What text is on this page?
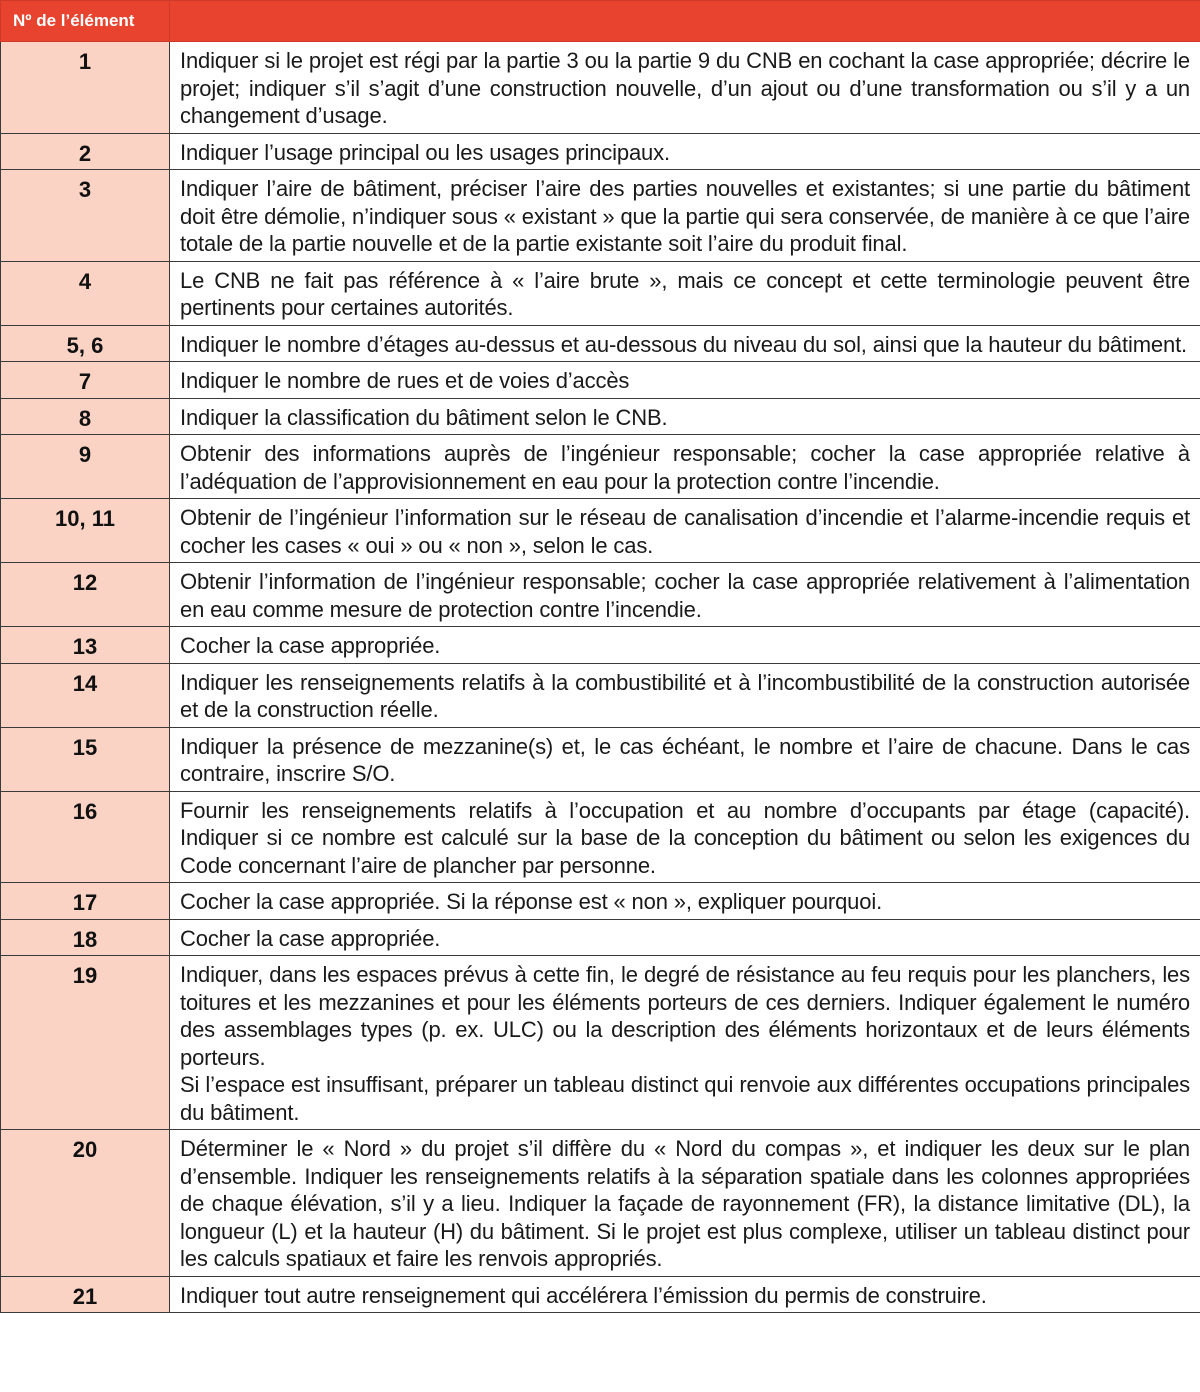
Nº de l’élément	
1	Indiquer si le projet est régi par la partie 3 ou la partie 9 du CNB en cochant la case appropriée; décrire le projet; indiquer s’il s’agit d’une construction nouvelle, d’un ajout ou d’une transformation ou s’il y a un changement d’usage.
2	Indiquer l’usage principal ou les usages principaux.
3	Indiquer l’aire de bâtiment, préciser l’aire des parties nouvelles et existantes; si une partie du bâtiment doit être démolie, n’indiquer sous « existant » que la partie qui sera conservée, de manière à ce que l’aire totale de la partie nouvelle et de la partie existante soit l’aire du produit final.
4	Le CNB ne fait pas référence à « l’aire brute », mais ce concept et cette terminologie peuvent être pertinents pour certaines autorités.
5, 6	Indiquer le nombre d’étages au-dessus et au-dessous du niveau du sol, ainsi que la hauteur du bâtiment.
7	Indiquer le nombre de rues et de voies d’accès
8	Indiquer la classification du bâtiment selon le CNB.
9	Obtenir des informations auprès de l’ingénieur responsable; cocher la case appropriée relative à l’adéquation de l’approvisionnement en eau pour la protection contre l’incendie.
10, 11	Obtenir de l’ingénieur l’information sur le réseau de canalisation d’incendie et l’alarme-incendie requis et cocher les cases « oui » ou « non », selon le cas.
12	Obtenir l’information de l’ingénieur responsable; cocher la case appropriée relativement à l’alimentation en eau comme mesure de protection contre l’incendie.
13	Cocher la case appropriée.
14	Indiquer les renseignements relatifs à la combustibilité et à l’incombustibilité de la construction autorisée et de la construction réelle.
15	Indiquer la présence de mezzanine(s) et, le cas échéant, le nombre et l’aire de chacune. Dans le cas contraire, inscrire S/O.
16	Fournir les renseignements relatifs à l’occupation et au nombre d’occupants par étage (capacité). Indiquer si ce nombre est calculé sur la base de la conception du bâtiment ou selon les exigences du Code concernant l’aire de plancher par personne.
17	Cocher la case appropriée. Si la réponse est « non », expliquer pourquoi.
18	Cocher la case appropriée.
19	Indiquer, dans les espaces prévus à cette fin, le degré de résistance au feu requis pour les planchers, les toitures et les mezzanines et pour les éléments porteurs de ces derniers. Indiquer également le numéro des assemblages types (p. ex. ULC) ou la description des éléments horizontaux et de leurs éléments porteurs.
Si l’espace est insuffisant, préparer un tableau distinct qui renvoie aux différentes occupations principales du bâtiment.
20	Déterminer le « Nord » du projet s’il diffère du « Nord du compas », et indiquer les deux sur le plan d’ensemble. Indiquer les renseignements relatifs à la séparation spatiale dans les colonnes appropriées de chaque élévation, s’il y a lieu. Indiquer la façade de rayonnement (FR), la distance limitative (DL), la longueur (L) et la hauteur (H) du bâtiment. Si le projet est plus complexe, utiliser un tableau distinct pour les calculs spatiaux et faire les renvois appropriés.
21	Indiquer tout autre renseignement qui accélérera l’émission du permis de construire.
